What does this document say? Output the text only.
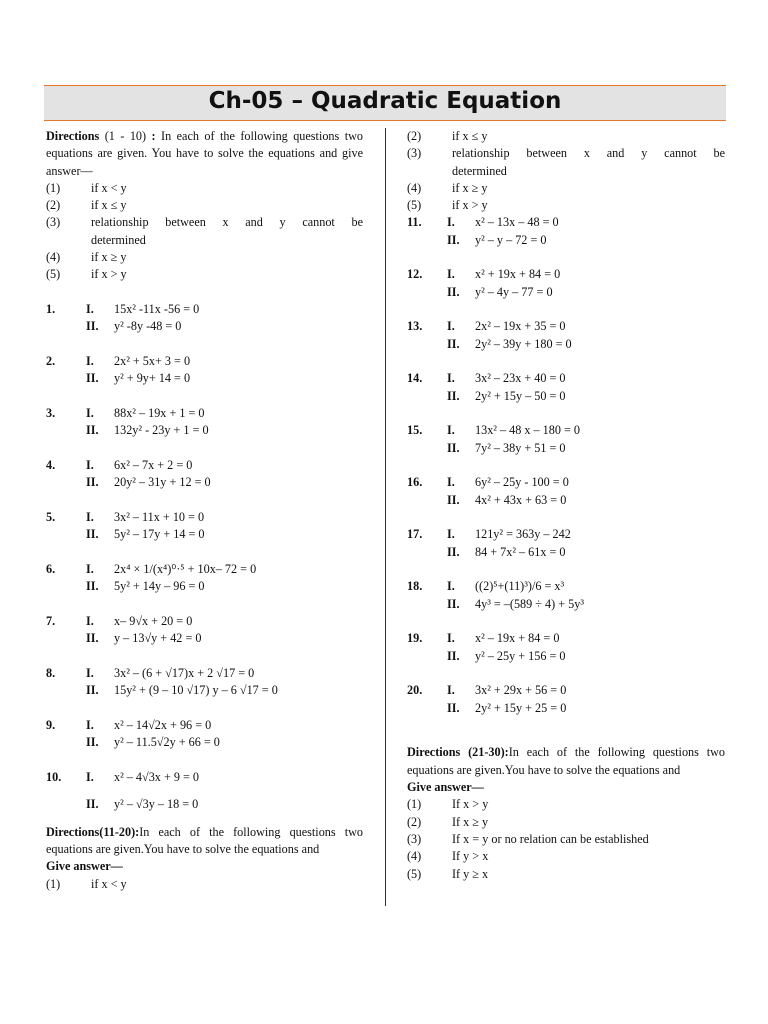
Ch-05 – Quadratic Equation

Directions (1 - 10) : In each of the following questions two equations are given. You have to solve the equations and give answer—

(1)	if x < y
(2)	if x ≤ y
(3)	relationship between x and y cannot be
determined
(4)	if x ≥ y
(5)	if x > y
1.	I.	15x² -11x -56 = 0
II.	y² -8y -48 = 0
2.	I.	2x² + 5x+ 3 = 0
II.	y² + 9y+ 14 = 0
3.	I.	88x² – 19x + 1 = 0
II.	132y² - 23y + 1 = 0
4.	I.	6x² – 7x + 2 = 0
II.	20y² – 31y + 12 = 0
5.	I.	3x² – 11x + 10 = 0
II.	5y² – 17y + 14 = 0
6.	I.	2x⁴ × 1/(x⁴)⁰·⁵ + 10x– 72 = 0
II.	5y² + 14y – 96 = 0
7.	I.	x– 9√x + 20 = 0
II.	y – 13√y + 42 = 0
8.	I.	3x² – (6 + √17)x + 2 √17 = 0
II.	15y² + (9 – 10 √17) y – 6 √17 = 0
9.	I.	x² – 14√2x + 96 = 0
II.	y² – 11.5√2y + 66 = 0
10.	I.	x² – 4√3x + 9 = 0
II.	y² – √3y – 18 = 0

Directions(11-20):In each of the following questions two equations are given.You have to solve the equations and

Give answer—

(1)	if x < y
(2)	if x ≤ y
(3)	relationship between x and y cannot be
determined
(4)	if x ≥ y
(5)	if x > y
11.	I.	x² – 13x – 48 = 0
II.	y² – y – 72 = 0
12.	I.	x² + 19x + 84 = 0
II.	y² – 4y – 77 = 0
13.	I.	2x² – 19x + 35 = 0
II.	2y² – 39y + 180 = 0
14.	I.	3x² – 23x + 40 = 0
II.	2y² + 15y – 50 = 0
15.	I.	13x² – 48 x – 180 = 0
II.	7y² – 38y + 51 = 0
16.	I.	6y² – 25y - 100 = 0
II.	4x² + 43x + 63 = 0
17.	I.	121y² = 363y – 242
II.	84 + 7x² – 61x = 0
18.	I.	((2)⁵+(11)³)/6 = x³
II.	4y³ = –(589 ÷ 4) + 5y³
19.	I.	x² – 19x + 84 = 0
II.	y² – 25y + 156 = 0
20.	I.	3x² + 29x + 56 = 0
II.	2y² + 15y + 25 = 0

Directions (21-30):In each of the following questions two equations are given.You have to solve the equations and

Give answer—

(1)	If x > y
(2)	If x ≥ y
(3)	If x = y or no relation can be established
(4)	If y > x
(5)	If y ≥ x
